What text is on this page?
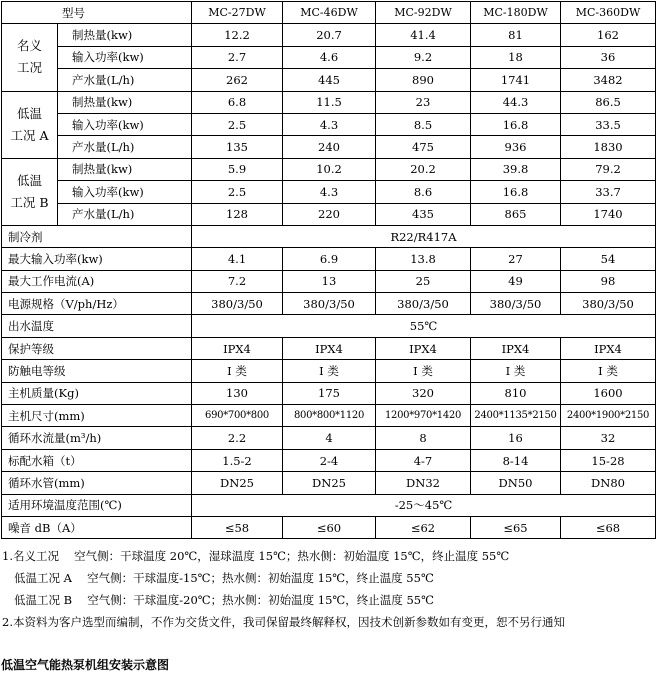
型号		MC-27DW	MC-46DW	MC-92DW	MC-180DW	MC-360DW

名义
工况	制热量(kw)	12.2	20.7	41.4	81	162
	输入功率(kw)	2.7	4.6	9.2	18	36
	产水量(L/h)	262	445	890	1741	3482

低温
工况 A	制热量(kw)	6.8	11.5	23	44.3	86.5
	输入功率(kw)	2.5	4.3	8.5	16.8	33.5
	产水量(L/h)	135	240	475	936	1830

低温
工况 B	制热量(kw)	5.9	10.2	20.2	39.8	79.2
	输入功率(kw)	2.5	4.3	8.6	16.8	33.7
	产水量(L/h)	128	220	435	865	1740
制冷剂		R22/R417A				
最大输入功率(kw)		4.1	6.9	13.8	27	54
最大工作电流(A)		7.2	13	25	49	98
电源规格（V/ph/Hz）		380/3/50	380/3/50	380/3/50	380/3/50	380/3/50
出水温度		55℃				
保护等级		IPX4	IPX4	IPX4	IPX4	IPX4
防触电等级		I 类	I 类	I 类	I 类	I 类
主机质量(Kg)		130	175	320	810	1600
主机尺寸(mm)		690*700*800	800*800*1120	1200*970*1420	2400*1135*2150	2400*1900*2150
循环水流量(m³/h)		2.2	4	8	16	32
标配水箱（t）		1.5-2	2-4	4-7	8-14	15-28
循环水管(mm)		DN25	DN25	DN32	DN50	DN80
适用环境温度范围(℃)		-25～45℃				
噪音 dB（A）		≤58	≤60	≤62	≤65	≤68
1.名义工况　 空气侧：干球温度 20℃，湿球温度 15℃；热水侧：初始温度 15℃，终止温度 55℃
低温工况 A　 空气侧：干球温度-15℃；热水侧：初始温度 15℃，终止温度 55℃
低温工况 B　 空气侧：干球温度-20℃；热水侧：初始温度 15℃，终止温度 55℃
2.本资料为客户选型而编制，不作为交货文件，我司保留最终解释权，因技术创新参数如有变更，恕不另行通知
低温空气能热泵机组安装示意图
